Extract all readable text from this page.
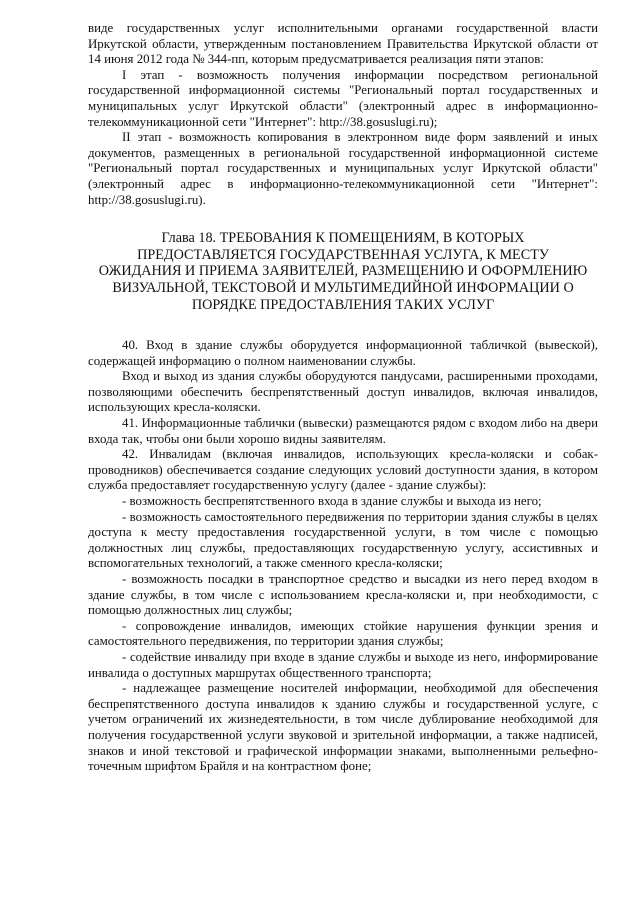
виде государственных услуг исполнительными органами государственной власти Иркутской области, утвержденным постановлением Правительства Иркутской области от 14 июня 2012 года № 344-пп, которым предусматривается реализация пяти этапов:

I этап - возможность получения информации посредством региональной государственной информационной системы "Региональный портал государственных и муниципальных услуг Иркутской области" (электронный адрес в информационно-телекоммуникационной сети "Интернет": http://38.gosuslugi.ru);

II этап - возможность копирования в электронном виде форм заявлений и иных документов, размещенных в региональной государственной информационной системе "Региональный портал государственных и муниципальных услуг Иркутской области" (электронный адрес в информационно-телекоммуникационной сети "Интернет": http://38.gosuslugi.ru).

Глава 18. ТРЕБОВАНИЯ К ПОМЕЩЕНИЯМ, В КОТОРЫХ
ПРЕДОСТАВЛЯЕТСЯ ГОСУДАРСТВЕННАЯ УСЛУГА, К МЕСТУ
ОЖИДАНИЯ И ПРИЕМА ЗАЯВИТЕЛЕЙ, РАЗМЕЩЕНИЮ И ОФОРМЛЕНИЮ
ВИЗУАЛЬНОЙ, ТЕКСТОВОЙ И МУЛЬТИМЕДИЙНОЙ ИНФОРМАЦИИ О
ПОРЯДКЕ ПРЕДОСТАВЛЕНИЯ ТАКИХ УСЛУГ

40. Вход в здание службы оборудуется информационной табличкой (вывеской), содержащей информацию о полном наименовании службы.

Вход и выход из здания службы оборудуются пандусами, расширенными проходами, позволяющими обеспечить беспрепятственный доступ инвалидов, включая инвалидов, использующих кресла-коляски.

41. Информационные таблички (вывески) размещаются рядом с входом либо на двери входа так, чтобы они были хорошо видны заявителям.

42. Инвалидам (включая инвалидов, использующих кресла-коляски и собак-проводников) обеспечивается создание следующих условий доступности здания, в котором служба предоставляет государственную услугу (далее - здание службы):

- возможность беспрепятственного входа в здание службы и выхода из него;

- возможность самостоятельного передвижения по территории здания службы в целях доступа к месту предоставления государственной услуги, в том числе с помощью должностных лиц службы, предоставляющих государственную услугу, ассистивных и вспомогательных технологий, а также сменного кресла-коляски;

- возможность посадки в транспортное средство и высадки из него перед входом в здание службы, в том числе с использованием кресла-коляски и, при необходимости, с помощью должностных лиц службы;

- сопровождение инвалидов, имеющих стойкие нарушения функции зрения и самостоятельного передвижения, по территории здания службы;

- содействие инвалиду при входе в здание службы и выходе из него, информирование инвалида о доступных маршрутах общественного транспорта;

- надлежащее размещение носителей информации, необходимой для обеспечения беспрепятственного доступа инвалидов к зданию службы и государственной услуге, с учетом ограничений их жизнедеятельности, в том числе дублирование необходимой для получения государственной услуги звуковой и зрительной информации, а также надписей, знаков и иной текстовой и графической информации знаками, выполненными рельефно-точечным шрифтом Брайля и на контрастном фоне;
